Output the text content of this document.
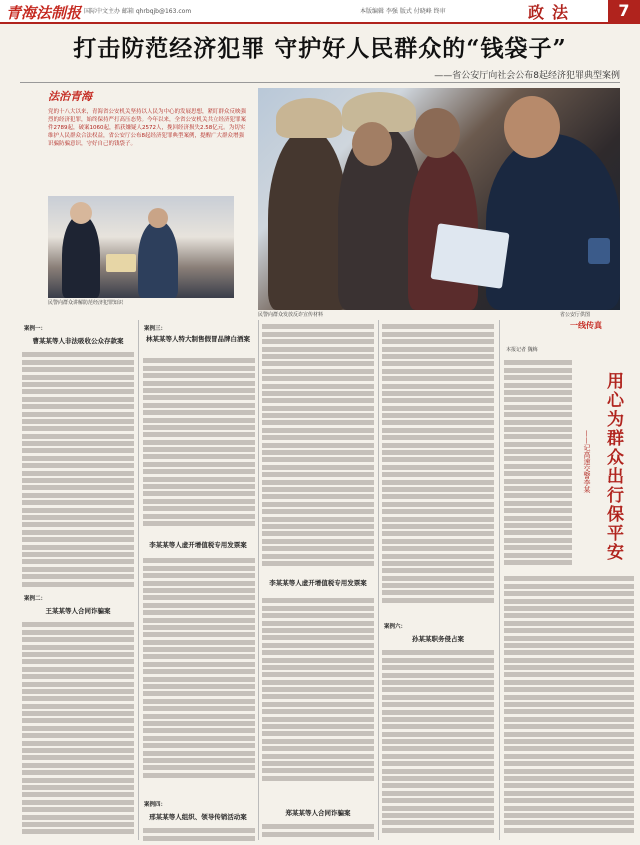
青海法制报 国际中文主办 邮箱 qhrbqjb@163.com	本版编辑 李强 版式 付晓峰 终审	政法	7
打击防范经济犯罪 守护好人民群众的“钱袋子”
——省公安厅向社会公布8起经济犯罪典型案例
法治青海
党的十八大以来，青海省公安机关坚持以人民为中心的发展思想，紧盯群众反映强烈的经济犯罪，始终保持严打高压态势。今年以来，全省公安机关共立经济犯罪案件2789起，破案1060起，抓获嫌疑人2572人，挽回经济损失2.58亿元。为切实维护人民群众合法权益，省公安厅公布8起经济犯罪典型案例，提醒广大群众增强识骗防骗意识，守好自己的钱袋子。
民警向群众讲解防范经济犯罪知识
民警向群众发放反诈宣传材料	省公安厅供图
案例一：
曹某某等人非法吸收公众存款案
案例二：
王某某等人合同诈骗案
案例三：
林某某等人特大制售假冒品牌白酒案
李某某等人虚开增值税专用发票案
案例四：
邢某某等人组织、领导传销活动案
李某某等人虚开增值税专用发票案
郑某某等人合同诈骗案
案例六：
孙某某职务侵占案
一线传真
本报记者 魏梅
用心为群众出行保平安
——记高速交警李某
